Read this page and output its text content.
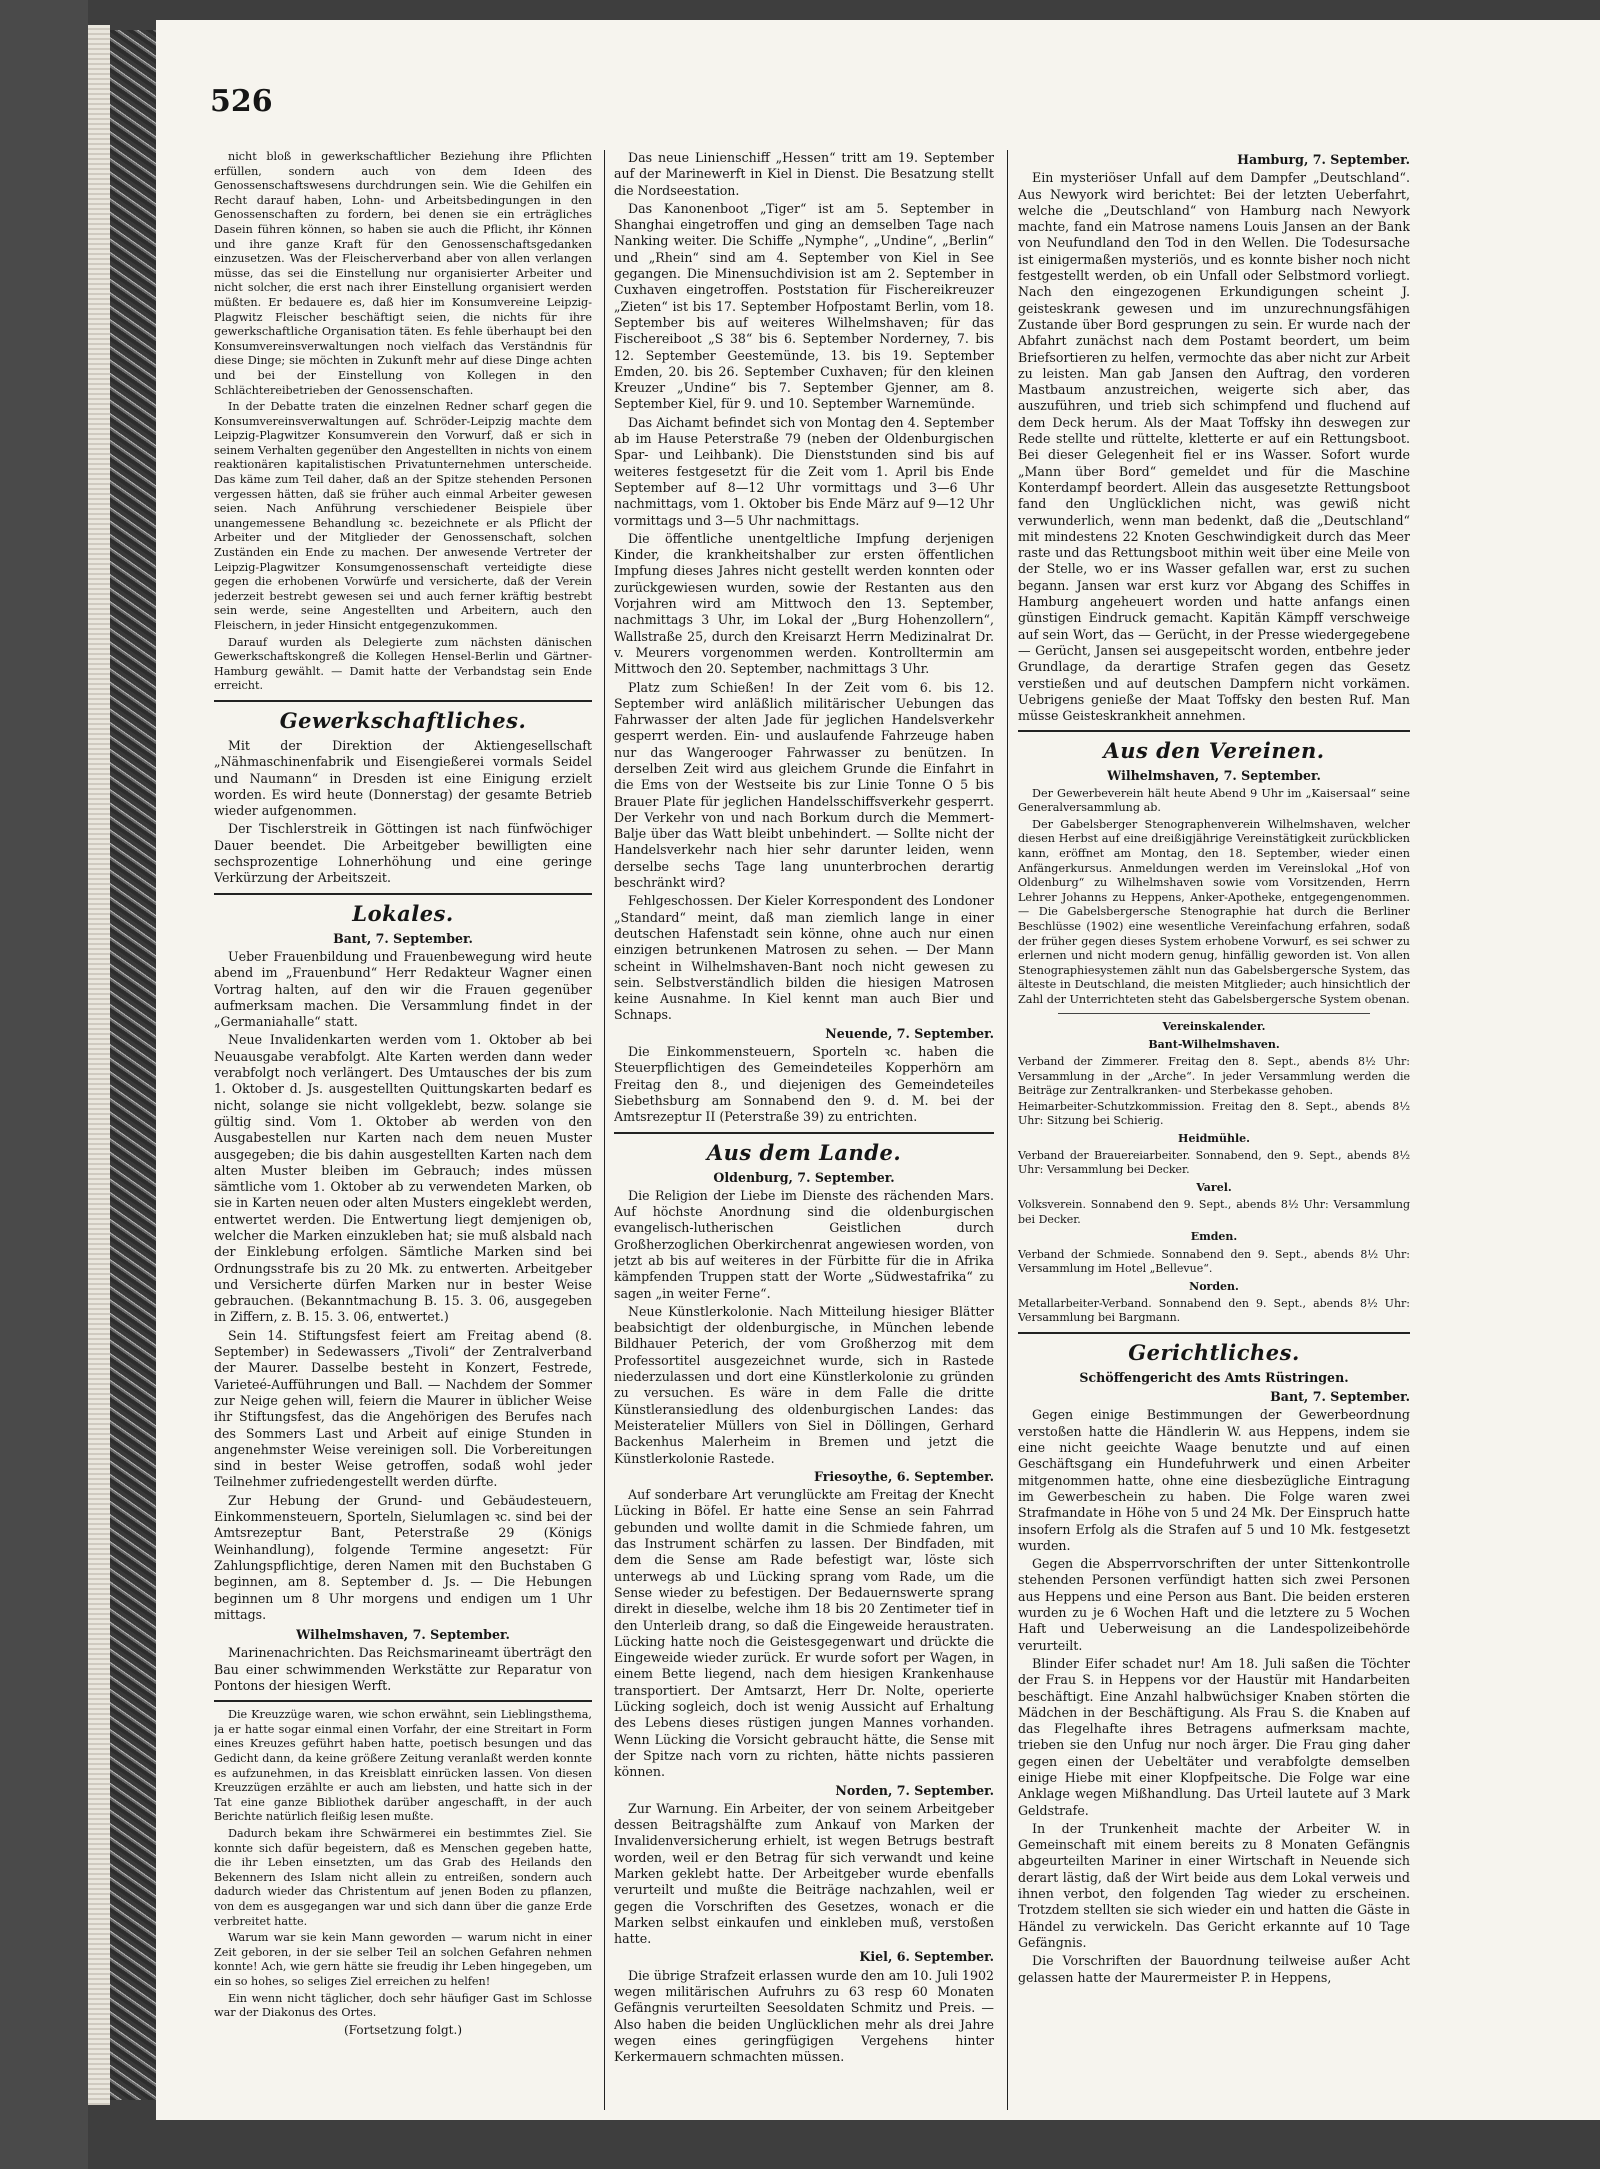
526

nicht bloß in gewerkschaftlicher Beziehung ihre Pflichten erfüllen, sondern auch von dem Ideen des Genossenschaftswesens durchdrungen sein. Wie die Gehilfen ein Recht darauf haben, Lohn- und Arbeitsbedingungen in den Genossenschaften zu fordern, bei denen sie ein erträgliches Dasein führen können, so haben sie auch die Pflicht, ihr Können und ihre ganze Kraft für den Genossenschaftsgedanken einzusetzen. Was der Fleischerverband aber von allen verlangen müsse, das sei die Einstellung nur organisierter Arbeiter und nicht solcher, die erst nach ihrer Einstellung organisiert werden müßten. Er bedauere es, daß hier im Konsumvereine Leipzig-Plagwitz Fleischer beschäftigt seien, die nichts für ihre gewerkschaftliche Organisation täten. Es fehle überhaupt bei den Konsumvereinsverwaltungen noch vielfach das Verständnis für diese Dinge; sie möchten in Zukunft mehr auf diese Dinge achten und bei der Einstellung von Kollegen in den Schlächtereibetrieben der Genossenschaften.

In der Debatte traten die einzelnen Redner scharf gegen die Konsumvereinsverwaltungen auf. Schröder-Leipzig machte dem Leipzig-Plagwitzer Konsumverein den Vorwurf, daß er sich in seinem Verhalten gegenüber den Angestellten in nichts von einem reaktionären kapitalistischen Privatunternehmen unterscheide. Das käme zum Teil daher, daß an der Spitze stehenden Personen vergessen hätten, daß sie früher auch einmal Arbeiter gewesen seien. Nach Anführung verschiedener Beispiele über unangemessene Behandlung ꝛc. bezeichnete er als Pflicht der Arbeiter und der Mitglieder der Genossenschaft, solchen Zuständen ein Ende zu machen. Der anwesende Vertreter der Leipzig-Plagwitzer Konsumgenossenschaft verteidigte diese gegen die erhobenen Vorwürfe und versicherte, daß der Verein jederzeit bestrebt gewesen sei und auch ferner kräftig bestrebt sein werde, seine Angestellten und Arbeitern, auch den Fleischern, in jeder Hinsicht entgegenzukommen.

Darauf wurden als Delegierte zum nächsten dänischen Gewerkschaftskongreß die Kollegen Hensel-Berlin und Gärtner-Hamburg gewählt. — Damit hatte der Verbandstag sein Ende erreicht.

Gewerkschaftliches.

Mit der Direktion der Aktiengesellschaft „Nähmaschinenfabrik und Eisengießerei vormals Seidel und Naumann“ in Dresden ist eine Einigung erzielt worden. Es wird heute (Donnerstag) der gesamte Betrieb wieder aufgenommen.

Der Tischlerstreik in Göttingen ist nach fünfwöchiger Dauer beendet. Die Arbeitgeber bewilligten eine sechsprozentige Lohnerhöhung und eine geringe Verkürzung der Arbeitszeit.

Lokales.
Bant, 7. September.

Ueber Frauenbildung und Frauenbewegung wird heute abend im „Frauenbund“ Herr Redakteur Wagner einen Vortrag halten, auf den wir die Frauen gegenüber aufmerksam machen. Die Versammlung findet in der „Germaniahalle“ statt.

Neue Invalidenkarten werden vom 1. Oktober ab bei Neuausgabe verabfolgt. Alte Karten werden dann weder verabfolgt noch verlängert. Des Umtausches der bis zum 1. Oktober d. Js. ausgestellten Quittungskarten bedarf es nicht, solange sie nicht vollgeklebt, bezw. solange sie gültig sind. Vom 1. Oktober ab werden von den Ausgabestellen nur Karten nach dem neuen Muster ausgegeben; die bis dahin ausgestellten Karten nach dem alten Muster bleiben im Gebrauch; indes müssen sämtliche vom 1. Oktober ab zu verwendeten Marken, ob sie in Karten neuen oder alten Musters eingeklebt werden, entwertet werden. Die Entwertung liegt demjenigen ob, welcher die Marken einzukleben hat; sie muß alsbald nach der Einklebung erfolgen. Sämtliche Marken sind bei Ordnungsstrafe bis zu 20 Mk. zu entwerten. Arbeitgeber und Versicherte dürfen Marken nur in bester Weise gebrauchen. (Bekanntmachung B. 15. 3. 06, ausgegeben in Ziffern, z. B. 15. 3. 06, entwertet.)

Sein 14. Stiftungsfest feiert am Freitag abend (8. September) in Sedewassers „Tivoli“ der Zentralverband der Maurer. Dasselbe besteht in Konzert, Festrede, Varieteé-Aufführungen und Ball. — Nachdem der Sommer zur Neige gehen will, feiern die Maurer in üblicher Weise ihr Stiftungsfest, das die Angehörigen des Berufes nach des Sommers Last und Arbeit auf einige Stunden in angenehmster Weise vereinigen soll. Die Vorbereitungen sind in bester Weise getroffen, sodaß wohl jeder Teilnehmer zufriedengestellt werden dürfte.

Zur Hebung der Grund- und Gebäudesteuern, Einkommensteuern, Sporteln, Sielumlagen ꝛc. sind bei der Amtsrezeptur Bant, Peterstraße 29 (Königs Weinhandlung), folgende Termine angesetzt: Für Zahlungspflichtige, deren Namen mit den Buchstaben G beginnen, am 8. September d. Js. — Die Hebungen beginnen um 8 Uhr morgens und endigen um 1 Uhr mittags.

Wilhelmshaven, 7. September.

Marinenachrichten. Das Reichsmarineamt überträgt den Bau einer schwimmenden Werkstätte zur Reparatur von Pontons der hiesigen Werft.

Die Kreuzzüge waren, wie schon erwähnt, sein Lieblingsthema, ja er hatte sogar einmal einen Vorfahr, der eine Streitart in Form eines Kreuzes geführt haben hatte, poetisch besungen und das Gedicht dann, da keine größere Zeitung veranlaßt werden konnte es aufzunehmen, in das Kreisblatt einrücken lassen. Von diesen Kreuzzügen erzählte er auch am liebsten, und hatte sich in der Tat eine ganze Bibliothek darüber angeschafft, in der auch Berichte natürlich fleißig lesen mußte.

Dadurch bekam ihre Schwärmerei ein bestimmtes Ziel. Sie konnte sich dafür begeistern, daß es Menschen gegeben hatte, die ihr Leben einsetzten, um das Grab des Heilands den Bekennern des Islam nicht allein zu entreißen, sondern auch dadurch wieder das Christentum auf jenen Boden zu pflanzen, von dem es ausgegangen war und sich dann über die ganze Erde verbreitet hatte.

Warum war sie kein Mann geworden — warum nicht in einer Zeit geboren, in der sie selber Teil an solchen Gefahren nehmen konnte! Ach, wie gern hätte sie freudig ihr Leben hingegeben, um ein so hohes, so seliges Ziel erreichen zu helfen!

Ein wenn nicht täglicher, doch sehr häufiger Gast im Schlosse war der Diakonus des Ortes.

(Fortsetzung folgt.)

Das neue Linienschiff „Hessen“ tritt am 19. September auf der Marinewerft in Kiel in Dienst. Die Besatzung stellt die Nordseestation.

Das Kanonenboot „Tiger“ ist am 5. September in Shanghai eingetroffen und ging an demselben Tage nach Nanking weiter. Die Schiffe „Nymphe“, „Undine“, „Berlin“ und „Rhein“ sind am 4. September von Kiel in See gegangen. Die Minensuchdivision ist am 2. September in Cuxhaven eingetroffen. Poststation für Fischereikreuzer „Zieten“ ist bis 17. September Hofpostamt Berlin, vom 18. September bis auf weiteres Wilhelmshaven; für das Fischereiboot „S 38“ bis 6. September Norderney, 7. bis 12. September Geestemünde, 13. bis 19. September Emden, 20. bis 26. September Cuxhaven; für den kleinen Kreuzer „Undine“ bis 7. September Gjenner, am 8. September Kiel, für 9. und 10. September Warnemünde.

Das Aichamt befindet sich von Montag den 4. September ab im Hause Peterstraße 79 (neben der Oldenburgischen Spar- und Leihbank). Die Dienststunden sind bis auf weiteres festgesetzt für die Zeit vom 1. April bis Ende September auf 8—12 Uhr vormittags und 3—6 Uhr nachmittags, vom 1. Oktober bis Ende März auf 9—12 Uhr vormittags und 3—5 Uhr nachmittags.

Die öffentliche unentgeltliche Impfung derjenigen Kinder, die krankheitshalber zur ersten öffentlichen Impfung dieses Jahres nicht gestellt werden konnten oder zurückgewiesen wurden, sowie der Restanten aus den Vorjahren wird am Mittwoch den 13. September, nachmittags 3 Uhr, im Lokal der „Burg Hohenzollern“, Wallstraße 25, durch den Kreisarzt Herrn Medizinalrat Dr. v. Meurers vorgenommen werden. Kontrolltermin am Mittwoch den 20. September, nachmittags 3 Uhr.

Platz zum Schießen! In der Zeit vom 6. bis 12. September wird anläßlich militärischer Uebungen das Fahrwasser der alten Jade für jeglichen Handelsverkehr gesperrt werden. Ein- und auslaufende Fahrzeuge haben nur das Wangerooger Fahrwasser zu benützen. In derselben Zeit wird aus gleichem Grunde die Einfahrt in die Ems von der Westseite bis zur Linie Tonne O 5 bis Brauer Plate für jeglichen Handelsschiffsverkehr gesperrt. Der Verkehr von und nach Borkum durch die Memmert-Balje über das Watt bleibt unbehindert. — Sollte nicht der Handelsverkehr nach hier sehr darunter leiden, wenn derselbe sechs Tage lang ununterbrochen derartig beschränkt wird?

Fehlgeschossen. Der Kieler Korrespondent des Londoner „Standard“ meint, daß man ziemlich lange in einer deutschen Hafenstadt sein könne, ohne auch nur einen einzigen betrunkenen Matrosen zu sehen. — Der Mann scheint in Wilhelmshaven-Bant noch nicht gewesen zu sein. Selbstverständlich bilden die hiesigen Matrosen keine Ausnahme. In Kiel kennt man auch Bier und Schnaps.

Neuende, 7. September.

Die Einkommensteuern, Sporteln ꝛc. haben die Steuerpflichtigen des Gemeindeteiles Kopperhörn am Freitag den 8., und diejenigen des Gemeindeteiles Siebethsburg am Sonnabend den 9. d. M. bei der Amtsrezeptur II (Peterstraße 39) zu entrichten.

Aus dem Lande.
Oldenburg, 7. September.

Die Religion der Liebe im Dienste des rächenden Mars. Auf höchste Anordnung sind die oldenburgischen evangelisch-lutherischen Geistlichen durch Großherzoglichen Oberkirchenrat angewiesen worden, von jetzt ab bis auf weiteres in der Fürbitte für die in Afrika kämpfenden Truppen statt der Worte „Südwestafrika“ zu sagen „in weiter Ferne“.

Neue Künstlerkolonie. Nach Mitteilung hiesiger Blätter beabsichtigt der oldenburgische, in München lebende Bildhauer Peterich, der vom Großherzog mit dem Professortitel ausgezeichnet wurde, sich in Rastede niederzulassen und dort eine Künstlerkolonie zu gründen zu versuchen. Es wäre in dem Falle die dritte Künstleransiedlung des oldenburgischen Landes: das Meisteratelier Müllers von Siel in Döllingen, Gerhard Backenhus Malerheim in Bremen und jetzt die Künstlerkolonie Rastede.

Friesoythe, 6. September.

Auf sonderbare Art verunglückte am Freitag der Knecht Lücking in Böfel. Er hatte eine Sense an sein Fahrrad gebunden und wollte damit in die Schmiede fahren, um das Instrument schärfen zu lassen. Der Bindfaden, mit dem die Sense am Rade befestigt war, löste sich unterwegs ab und Lücking sprang vom Rade, um die Sense wieder zu befestigen. Der Bedauernswerte sprang direkt in dieselbe, welche ihm 18 bis 20 Zentimeter tief in den Unterleib drang, so daß die Eingeweide heraustraten. Lücking hatte noch die Geistesgegenwart und drückte die Eingeweide wieder zurück. Er wurde sofort per Wagen, in einem Bette liegend, nach dem hiesigen Krankenhause transportiert. Der Amtsarzt, Herr Dr. Nolte, operierte Lücking sogleich, doch ist wenig Aussicht auf Erhaltung des Lebens dieses rüstigen jungen Mannes vorhanden. Wenn Lücking die Vorsicht gebraucht hätte, die Sense mit der Spitze nach vorn zu richten, hätte nichts passieren können.

Norden, 7. September.

Zur Warnung. Ein Arbeiter, der von seinem Arbeitgeber dessen Beitragshälfte zum Ankauf von Marken der Invalidenversicherung erhielt, ist wegen Betrugs bestraft worden, weil er den Betrag für sich verwandt und keine Marken geklebt hatte. Der Arbeitgeber wurde ebenfalls verurteilt und mußte die Beiträge nachzahlen, weil er gegen die Vorschriften des Gesetzes, wonach er die Marken selbst einkaufen und einkleben muß, verstoßen hatte.

Kiel, 6. September.

Die übrige Strafzeit erlassen wurde den am 10. Juli 1902 wegen militärischen Aufruhrs zu 63 resp 60 Monaten Gefängnis verurteilten Seesoldaten Schmitz und Preis. — Also haben die beiden Unglücklichen mehr als drei Jahre wegen eines geringfügigen Vergehens hinter Kerkermauern schmachten müssen.

Hamburg, 7. September.

Ein mysteriöser Unfall auf dem Dampfer „Deutschland“. Aus Newyork wird berichtet: Bei der letzten Ueberfahrt, welche die „Deutschland“ von Hamburg nach Newyork machte, fand ein Matrose namens Louis Jansen an der Bank von Neufundland den Tod in den Wellen. Die Todesursache ist einigermaßen mysteriös, und es konnte bisher noch nicht festgestellt werden, ob ein Unfall oder Selbstmord vorliegt. Nach den eingezogenen Erkundigungen scheint J. geisteskrank gewesen und im unzurechnungsfähigen Zustande über Bord gesprungen zu sein. Er wurde nach der Abfahrt zunächst nach dem Postamt beordert, um beim Briefsortieren zu helfen, vermochte das aber nicht zur Arbeit zu leisten. Man gab Jansen den Auftrag, den vorderen Mastbaum anzustreichen, weigerte sich aber, das auszuführen, und trieb sich schimpfend und fluchend auf dem Deck herum. Als der Maat Toffsky ihn deswegen zur Rede stellte und rüttelte, kletterte er auf ein Rettungsboot. Bei dieser Gelegenheit fiel er ins Wasser. Sofort wurde „Mann über Bord“ gemeldet und für die Maschine Konterdampf beordert. Allein das ausgesetzte Rettungsboot fand den Unglücklichen nicht, was gewiß nicht verwunderlich, wenn man bedenkt, daß die „Deutschland“ mit mindestens 22 Knoten Geschwindigkeit durch das Meer raste und das Rettungsboot mithin weit über eine Meile von der Stelle, wo er ins Wasser gefallen war, erst zu suchen begann. Jansen war erst kurz vor Abgang des Schiffes in Hamburg angeheuert worden und hatte anfangs einen günstigen Eindruck gemacht. Kapitän Kämpff verschweige auf sein Wort, das — Gerücht, in der Presse wiedergegebene — Gerücht, Jansen sei ausgepeitscht worden, entbehre jeder Grundlage, da derartige Strafen gegen das Gesetz verstießen und auf deutschen Dampfern nicht vorkämen. Uebrigens genieße der Maat Toffsky den besten Ruf. Man müsse Geisteskrankheit annehmen.

Aus den Vereinen.
Wilhelmshaven, 7. September.

Der Gewerbeverein hält heute Abend 9 Uhr im „Kaisersaal“ seine Generalversammlung ab.

Der Gabelsberger Stenographenverein Wilhelmshaven, welcher diesen Herbst auf eine dreißigjährige Vereinstätigkeit zurückblicken kann, eröffnet am Montag, den 18. September, wieder einen Anfängerkursus. Anmeldungen werden im Vereinslokal „Hof von Oldenburg“ zu Wilhelmshaven sowie vom Vorsitzenden, Herrn Lehrer Johanns zu Heppens, Anker-Apotheke, entgegengenommen. — Die Gabelsbergersche Stenographie hat durch die Berliner Beschlüsse (1902) eine wesentliche Vereinfachung erfahren, sodaß der früher gegen dieses System erhobene Vorwurf, es sei schwer zu erlernen und nicht modern genug, hinfällig geworden ist. Von allen Stenographiesystemen zählt nun das Gabelsbergersche System, das älteste in Deutschland, die meisten Mitglieder; auch hinsichtlich der Zahl der Unterrichteten steht das Gabelsbergersche System obenan.

Vereinskalender.
Bant-Wilhelmshaven.

Verband der Zimmerer. Freitag den 8. Sept., abends 8½ Uhr: Versammlung in der „Arche“. In jeder Versammlung werden die Beiträge zur Zentralkranken- und Sterbekasse gehoben.

Heimarbeiter-Schutzkommission. Freitag den 8. Sept., abends 8½ Uhr: Sitzung bei Schierig.

Heidmühle.

Verband der Brauereiarbeiter. Sonnabend, den 9. Sept., abends 8½ Uhr: Versammlung bei Decker.

Varel.

Volksverein. Sonnabend den 9. Sept., abends 8½ Uhr: Versammlung bei Decker.

Emden.

Verband der Schmiede. Sonnabend den 9. Sept., abends 8½ Uhr: Versammlung im Hotel „Bellevue“.

Norden.

Metallarbeiter-Verband. Sonnabend den 9. Sept., abends 8½ Uhr: Versammlung bei Bargmann.

Gerichtliches.
Schöffengericht des Amts Rüstringen.
Bant, 7. September.

Gegen einige Bestimmungen der Gewerbeordnung verstoßen hatte die Händlerin W. aus Heppens, indem sie eine nicht geeichte Waage benutzte und auf einen Geschäftsgang ein Hundefuhrwerk und einen Arbeiter mitgenommen hatte, ohne eine diesbezügliche Eintragung im Gewerbeschein zu haben. Die Folge waren zwei Strafmandate in Höhe von 5 und 24 Mk. Der Einspruch hatte insofern Erfolg als die Strafen auf 5 und 10 Mk. festgesetzt wurden.

Gegen die Absperrvorschriften der unter Sittenkontrolle stehenden Personen verfündigt hatten sich zwei Personen aus Heppens und eine Person aus Bant. Die beiden ersteren wurden zu je 6 Wochen Haft und die letztere zu 5 Wochen Haft und Ueberweisung an die Landespolizeibehörde verurteilt.

Blinder Eifer schadet nur! Am 18. Juli saßen die Töchter der Frau S. in Heppens vor der Haustür mit Handarbeiten beschäftigt. Eine Anzahl halbwüchsiger Knaben störten die Mädchen in der Beschäftigung. Als Frau S. die Knaben auf das Flegelhafte ihres Betragens aufmerksam machte, trieben sie den Unfug nur noch ärger. Die Frau ging daher gegen einen der Uebeltäter und verabfolgte demselben einige Hiebe mit einer Klopfpeitsche. Die Folge war eine Anklage wegen Mißhandlung. Das Urteil lautete auf 3 Mark Geldstrafe.

In der Trunkenheit machte der Arbeiter W. in Gemeinschaft mit einem bereits zu 8 Monaten Gefängnis abgeurteilten Mariner in einer Wirtschaft in Neuende sich derart lästig, daß der Wirt beide aus dem Lokal verweis und ihnen verbot, den folgenden Tag wieder zu erscheinen. Trotzdem stellten sie sich wieder ein und hatten die Gäste in Händel zu verwickeln. Das Gericht erkannte auf 10 Tage Gefängnis.

Die Vorschriften der Bauordnung teilweise außer Acht gelassen hatte der Maurermeister P. in Heppens,
